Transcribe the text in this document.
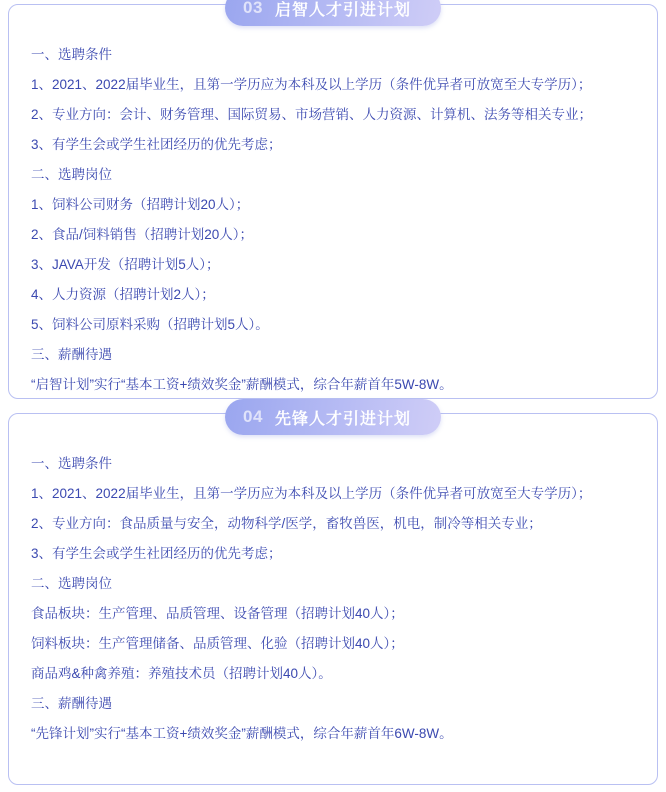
03 启智人才引进计划
一、选聘条件
1、2021、2022届毕业生，且第一学历应为本科及以上学历（条件优异者可放宽至大专学历）；
2、专业方向：会计、财务管理、国际贸易、市场营销、人力资源、计算机、法务等相关专业；
3、有学生会或学生社团经历的优先考虑；
二、选聘岗位
1、饲料公司财务（招聘计划20人）；
2、食品/饲料销售（招聘计划20人）；
3、JAVA开发（招聘计划5人）；
4、人力资源（招聘计划2人）；
5、饲料公司原料采购（招聘计划5人）。
三、薪酬待遇
“启智计划”实行“基本工资+绩效奖金”薪酬模式，综合年薪首年5W-8W。
04 先锋人才引进计划
一、选聘条件
1、2021、2022届毕业生，且第一学历应为本科及以上学历（条件优异者可放宽至大专学历）；
2、专业方向：食品质量与安全，动物科学/医学，畜牧兽医，机电，制冷等相关专业；
3、有学生会或学生社团经历的优先考虑；
二、选聘岗位
食品板块：生产管理、品质管理、设备管理（招聘计划40人）；
饲料板块：生产管理储备、品质管理、化验（招聘计划40人）；
商品鸡&种禽养殖：养殖技术员（招聘计划40人）。
三、薪酬待遇
“先锋计划”实行“基本工资+绩效奖金”薪酬模式，综合年薪首年6W-8W。
